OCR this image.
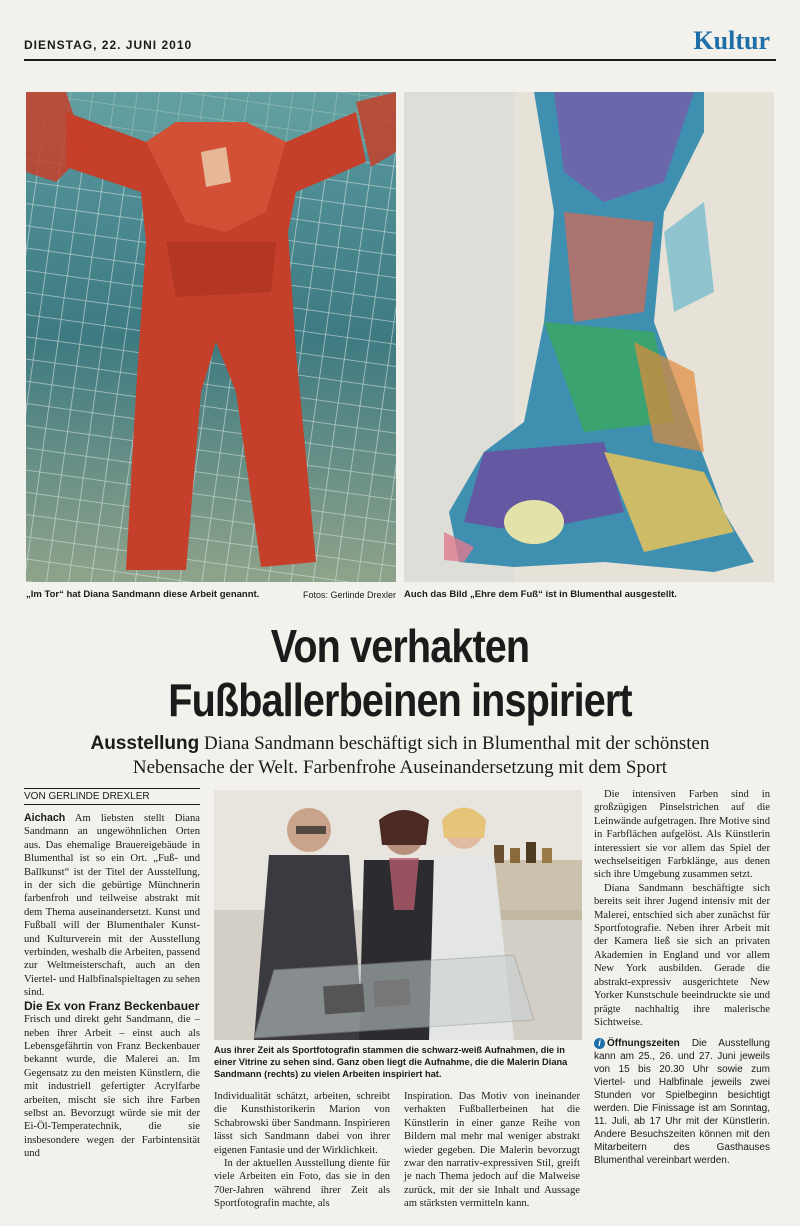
DIENSTAG, 22. JUNI 2010	Kultur
„Im Tor“ hat Diana Sandmann diese Arbeit genannt.	Fotos: Gerlinde Drexler Auch das Bild „Ehre dem Fuß“ ist in Blumenthal ausgestellt.
Von verhakten
Fußballerbeinen inspiriert
Ausstellung Diana Sandmann beschäftigt sich in Blumenthal mit der schönsten
Nebensache der Welt. Farbenfrohe Auseinandersetzung mit dem Sport
VON GERLINDE DREXLER

Aichach Am liebsten stellt Diana Sandmann an ungewöhnlichen Orten aus. Das ehemalige Brauereigebäude in Blumenthal ist so ein Ort. „Fuß- und Ballkunst“ ist der Titel der Ausstellung, in der sich die gebürtige Münchnerin farbenfroh und teilweise abstrakt mit dem Thema auseinandersetzt. Kunst und Fußball will der Blumenthaler Kunst- und Kulturverein mit der Ausstellung verbinden, weshalb die Arbeiten, passend zur Weltmeisterschaft, auch an den Viertel- und Halbfinalspieltagen zu sehen sind.

Die Ex von Franz Beckenbauer

Frisch und direkt geht Sandmann, die – neben ihrer Arbeit – einst auch als Lebensgefährtin von Franz Beckenbauer bekannt wurde, die Malerei an. Im Gegensatz zu den meisten Künstlern, die mit industriell gefertigter Acrylfarbe arbeiten, mischt sie sich ihre Farben selbst an. Bevorzugt würde sie mit der Ei-Öl-Temperatechnik, die sie insbesondere wegen der Farbintensität und

Aus ihrer Zeit als Sportfotografin stammen die schwarz-weiß Aufnahmen, die in einer Vitrine zu sehen sind. Ganz oben liegt die Aufnahme, die die Malerin Diana Sandmann (rechts) zu vielen Arbeiten inspiriert hat.

Individualität schätzt, arbeiten, schreibt die Kunsthistorikerin Marion von Schabrowski über Sandmann. Inspirieren lässt sich Sandmann dabei von ihrer eigenen Fantasie und der Wirklichkeit.

In der aktuellen Ausstellung diente für viele Arbeiten ein Foto, das sie in den 70er-Jahren während ihrer Zeit als Sportfotografin machte, als

Inspiration. Das Motiv von ineinander verhakten Fußballerbeinen hat die Künstlerin in einer ganze Reihe von Bildern mal mehr mal weniger abstrakt wieder gegeben. Die Malerin bevorzugt zwar den narrativ-expressiven Stil, greift je nach Thema jedoch auf die Malweise zurück, mit der sie Inhalt und Aussage am stärksten vermitteln kann.

Die intensiven Farben sind in großzügigen Pinselstrichen auf die Leinwände aufgetragen. Ihre Motive sind in Farbflächen aufgelöst. Als Künstlerin interessiert sie vor allem das Spiel der wechselseitigen Farbklänge, aus denen sich ihre Umgebung zusammen setzt.

Diana Sandmann beschäftigte sich bereits seit ihrer Jugend intensiv mit der Malerei, entschied sich aber zunächst für Sportfotografie. Neben ihrer Arbeit mit der Kamera ließ sie sich an privaten Akademien in England und vor allem New York ausbilden. Gerade die abstrakt-expressiv ausgerichtete New Yorker Kunstschule beeindruckte sie und prägte nachhaltig ihre malerische Sichtweise.

i Öffnungszeiten Die Ausstellung kann am 25., 26. und 27. Juni jeweils von 15 bis 20.30 Uhr sowie zum Viertel- und Halbfinale jeweils zwei Stunden vor Spielbeginn besichtigt werden. Die Finissage ist am Sonntag, 11. Juli, ab 17 Uhr mit der Künstlerin. Andere Besuchszeiten können mit den Mitarbeitern des Gasthauses Blumenthal vereinbart werden.
